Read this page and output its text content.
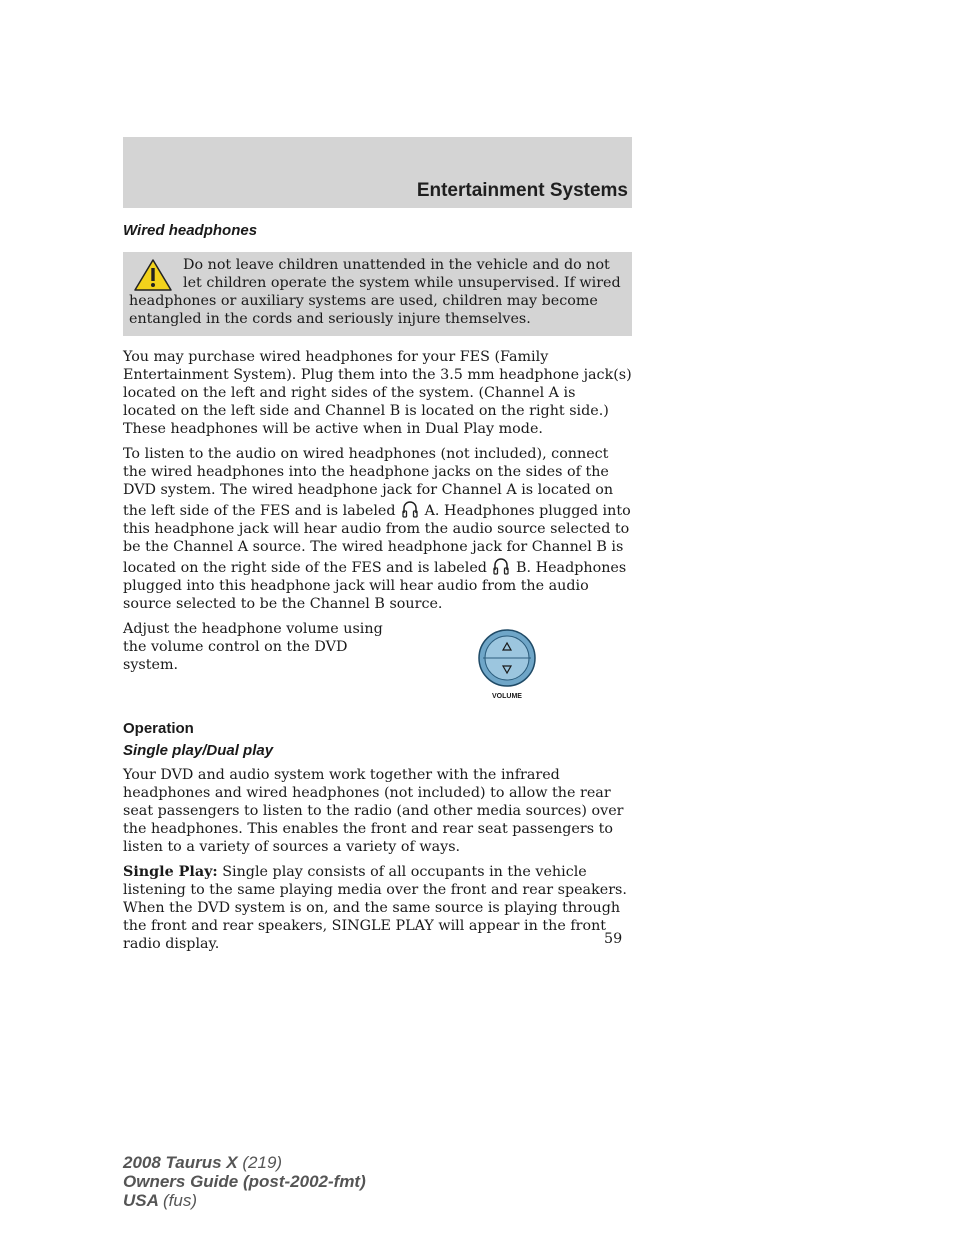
Entertainment Systems
Wired headphones
Do not leave children unattended in the vehicle and do not let children operate the system while unsupervised. If wired headphones or auxiliary systems are used, children may become entangled in the cords and seriously injure themselves.

You may purchase wired headphones for your FES (Family Entertainment System). Plug them into the 3.5 mm headphone jack(s) located on the left and right sides of the system. (Channel A is located on the left side and Channel B is located on the right side.) These headphones will be active when in Dual Play mode.

To listen to the audio on wired headphones (not included), connect the wired headphones into the headphone jacks on the sides of the DVD system. The wired headphone jack for Channel A is located on the left side of the FES and is labeled A. Headphones plugged into this headphone jack will hear audio from the audio source selected to be the Channel A source. The wired headphone jack for Channel B is located on the right side of the FES and is labeled B. Headphones plugged into this headphone jack will hear audio from the audio source selected to be the Channel B source.

Adjust the headphone volume using the volume control on the DVD system.
VOLUME
Operation
Single play/Dual play

Your DVD and audio system work together with the infrared headphones and wired headphones (not included) to allow the rear seat passengers to listen to the radio (and other media sources) over the headphones. This enables the front and rear seat passengers to listen to a variety of sources a variety of ways.

Single Play: Single play consists of all occupants in the vehicle listening to the same playing media over the front and rear speakers. When the DVD system is on, and the same source is playing through the front and rear speakers, SINGLE PLAY will appear in the front radio display.	59
2008 Taurus X (219)
Owners Guide (post-2002-fmt)
USA (fus)
